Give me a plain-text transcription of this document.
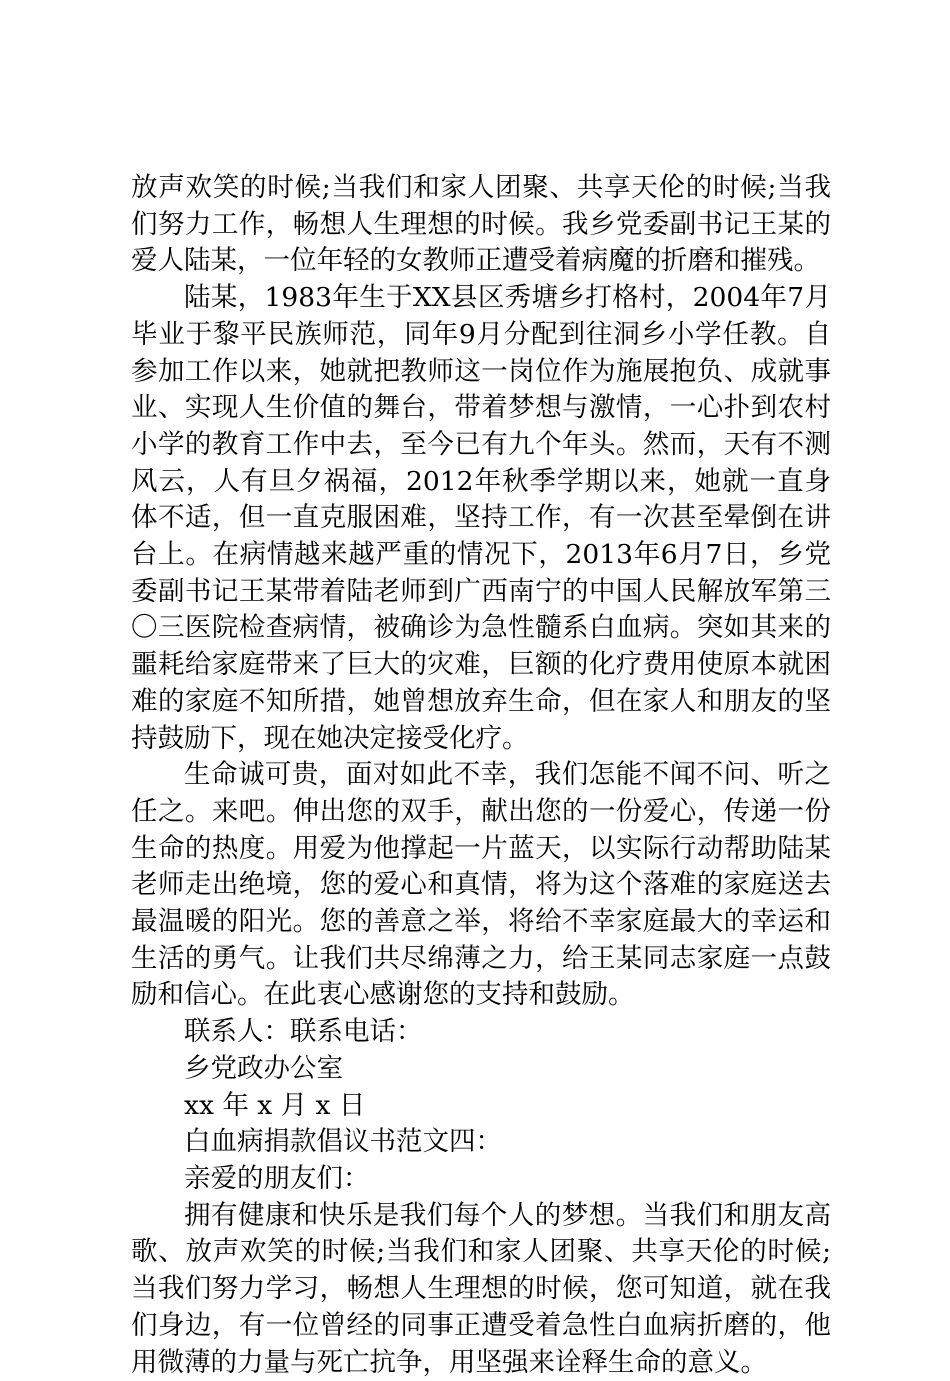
放声欢笑的时候;当我们和家人团聚、共享天伦的时候;当我们努力工作，畅想人生理想的时候。我乡党委副书记王某的爱人陆某，一位年轻的女教师正遭受着病魔的折磨和摧残。

陆某，1983年生于XX县区秀塘乡打格村，2004年7月毕业于黎平民族师范，同年9月分配到往洞乡小学任教。自参加工作以来，她就把教师这一岗位作为施展抱负、成就事业、实现人生价值的舞台，带着梦想与激情，一心扑到农村小学的教育工作中去，至今已有九个年头。然而，天有不测风云，人有旦夕祸福，2012年秋季学期以来，她就一直身体不适，但一直克服困难，坚持工作，有一次甚至晕倒在讲台上。在病情越来越严重的情况下，2013年6月7日，乡党委副书记王某带着陆老师到广西南宁的中国人民解放军第三〇三医院检查病情，被确诊为急性髓系白血病。突如其来的噩耗给家庭带来了巨大的灾难，巨额的化疗费用使原本就困难的家庭不知所措，她曾想放弃生命，但在家人和朋友的坚持鼓励下，现在她决定接受化疗。

生命诚可贵，面对如此不幸，我们怎能不闻不问、听之任之。来吧。伸出您的双手，献出您的一份爱心，传递一份生命的热度。用爱为他撑起一片蓝天，以实际行动帮助陆某老师走出绝境，您的爱心和真情，将为这个落难的家庭送去最温暖的阳光。您的善意之举，将给不幸家庭最大的幸运和生活的勇气。让我们共尽绵薄之力，给王某同志家庭一点鼓励和信心。在此衷心感谢您的支持和鼓励。

联系人：联系电话：

乡党政办公室

xx 年 x 月 x 日

白血病捐款倡议书范文四：

亲爱的朋友们：

拥有健康和快乐是我们每个人的梦想。当我们和朋友高歌、放声欢笑的时候;当我们和家人团聚、共享天伦的时候;当我们努力学习，畅想人生理想的时候，您可知道，就在我们身边，有一位曾经的同事正遭受着急性白血病折磨的，他用微薄的力量与死亡抗争，用坚强来诠释生命的意义。
